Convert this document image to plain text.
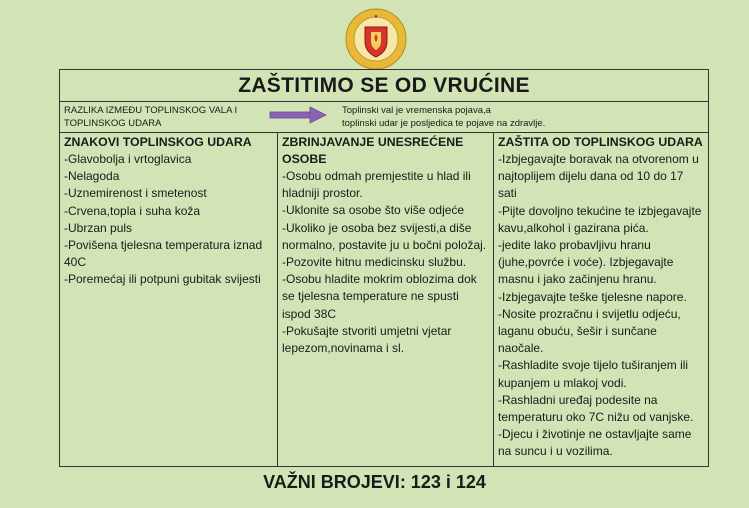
★
ZAŠTITIMO SE OD VRUĆINE
RAZLIKA IZMEĐU TOPLINSKOG VALA I TOPLINSKOG UDARA
Toplinski val je vremenska pojava,a
toplinski udar je posljedica te pojave na zdravlje.
ZNAKOVI TOPLINSKOG UDARA
-Glavobolja i vrtoglavica
-Nelagoda
-Uznemirenost i smetenost
-Crvena,topla i suha koža
-Ubrzan puls
-Povišena tjelesna temperatura iznad 40C
-Poremećaj ili potpuni gubitak svijesti
ZBRINJAVANJE UNESREĆENE OSOBE
-Osobu odmah premjestite u hlad ili hladniji prostor.
-Uklonite sa osobe što više odjeće
-Ukoliko je osoba bez svijesti,a diše normalno, postavite ju u bočni položaj.
-Pozovite hitnu medicinsku službu.
-Osobu hladite mokrim oblozima dok se tjelesna temperature ne spusti ispod 38C
-Pokušajte stvoriti umjetni vjetar lepezom,novinama i sl.
ZAŠTITA OD TOPLINSKOG UDARA
-Izbjegavajte boravak na otvorenom u najtoplijem dijelu dana od 10 do 17 sati
-Pijte dovoljno tekućine te izbjegavajte kavu,alkohol i gazirana pića.
-jedite lako probavljivu hranu (juhe,povrće i voće). Izbjegavajte masnu i jako začinjenu hranu.
-Izbjegavajte teške tjelesne napore.
-Nosite prozračnu i svijetlu odjeću, laganu obuću, šešir i sunčane naočale.
-Rashladite svoje tijelo tuširanjem ili kupanjem u mlakoj vodi.
-Rashladni uređaj podesite na temperaturu oko 7C nižu od vanjske.
-Djecu i životinje ne ostavljajte same na suncu i u vozilima.
VAŽNI BROJEVI: 123 i 124
